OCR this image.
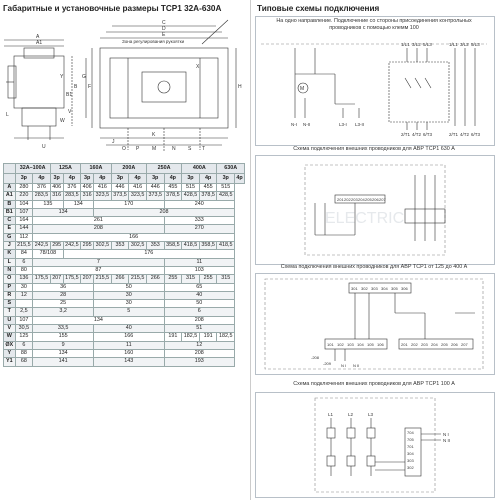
Габаритные и установочные размеры ТСР1 32А-630А
Зона регулирования рукоятки
A
A1
B
B1
C
D
E
F
G
H
J
K
L
M	N
O P	S T
U
V
W
X
Y
	32A–100A		125A		160A		200A		250A		400A		630A	
	3р	4р	3р	4р	3р	4р	3р	4р	3р	4р	3р	4р	3р	4р
A	280	376	406	376	406	416	446	416	446	455	515	455	515	
A1	220	283,5	316	283,5	316	323,5	373,5	323,5	373,5	378,5	428,5	378,5	428,5	
B	104	135		134		170				240				
B1	107	134				208								
C	164	261								333				
E	144	208								270				
G	112	166												
J	215,5	242,5	295	242,5	295	302,5	353	302,5	353	358,5	418,5	358,5	418,5	
K	84	78/108		176										
L	6	7								11				
N	80	87								103				
O	136	175,5	207	175,5	207	215,5	266	215,5	266	255	315	255	315	
P	30	36				50				65				
R	12	28				30				40				
S		25				30				50				
T	2,5	3,2				5				6				
U	107	134								208				
V	30,5	33,5				40				51				
W	125	155				166				191	182,5	191	182,5	
ØX	6	9				11				12				
Y	88	134				160				208				
Y1	68	141				143				193				
Типовые схемы подключения
На одно направление. Подключение со стороны присоединения контрольных проводников с помощью клемм 100
M
1/L1 3/L2 5/L3	1/L1 3/L2 5/L3
2/T1 4/T2 6/T3	2/T1 4/T2 6/T3
N-I N-II	L3-I L3-II
Схема подключения внешних проводников для АВР ТСР1 630 А
ELECTRIC
201 202 203 204 205 206 207
Схема подключения внешних проводников для АВР ТСР1 от 125 до 400 А
301 302 303 304 305 306
101 102 103 104 105 106	201 202 203 204 205 206 207
-208
-209 N I N II
Схема подключения внешних проводников для АВР ТСР1 100 А
L1	L2	L3
704
705
701
304
303
302
N I
N II
